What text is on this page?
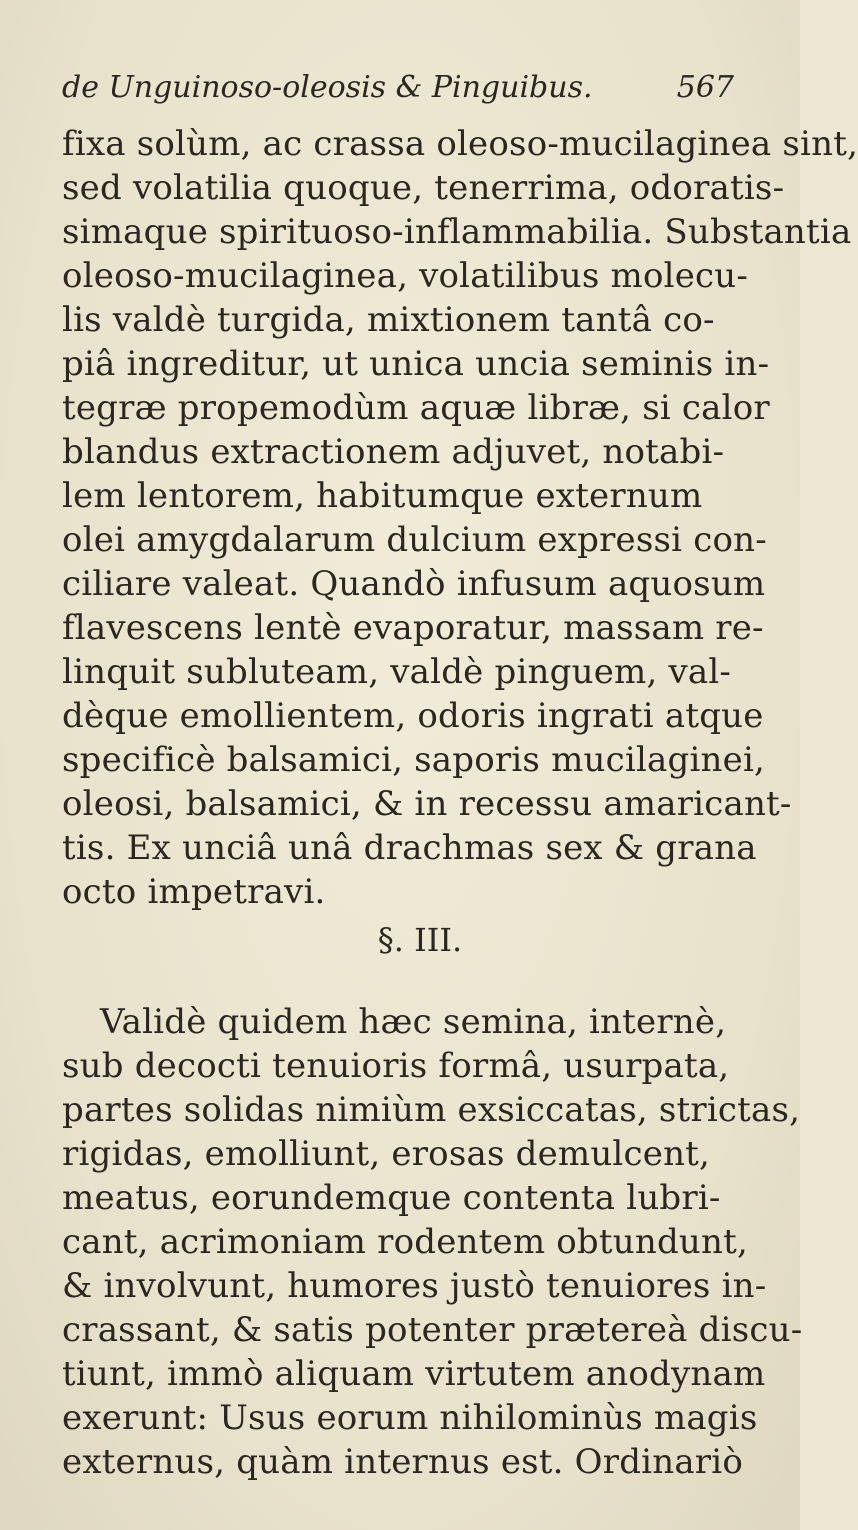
de Unguinoso-oleosis & Pinguibus.	567
fixa solùm, ac crassa oleoso-mucilaginea sint,
sed volatilia quoque, tenerrima, odoratis-
simaque spirituoso-inflammabilia. Substantia
oleoso-mucilaginea, volatilibus molecu-
lis valdè turgida, mixtionem tantâ co-
piâ ingreditur, ut unica uncia seminis in-
tegræ propemodùm aquæ libræ, si calor
blandus extractionem adjuvet, notabi-
lem lentorem, habitumque externum
olei amygdalarum dulcium expressi con-
ciliare valeat. Quandò infusum aquosum
flavescens lentè evaporatur, massam re-
linquit subluteam, valdè pinguem, val-
dèque emollientem, odoris ingrati atque
specificè balsamici, saporis mucilaginei,
oleosi, balsamici, & in recessu amaricant-
tis. Ex unciâ unâ drachmas sex & grana
octo impetravi.
§. III.
Validè quidem hæc semina, internè,
sub decocti tenuioris formâ, usurpata,
partes solidas nimiùm exsiccatas, strictas,
rigidas, emolliunt, erosas demulcent,
meatus, eorundemque contenta lubri-
cant, acrimoniam rodentem obtundunt,
& involvunt, humores justò tenuiores in-
crassant, & satis potenter prætereà discu-
tiunt, immò aliquam virtutem anodynam
exerunt: Usus eorum nihilominùs magis
externus, quàm internus est. Ordinariò
